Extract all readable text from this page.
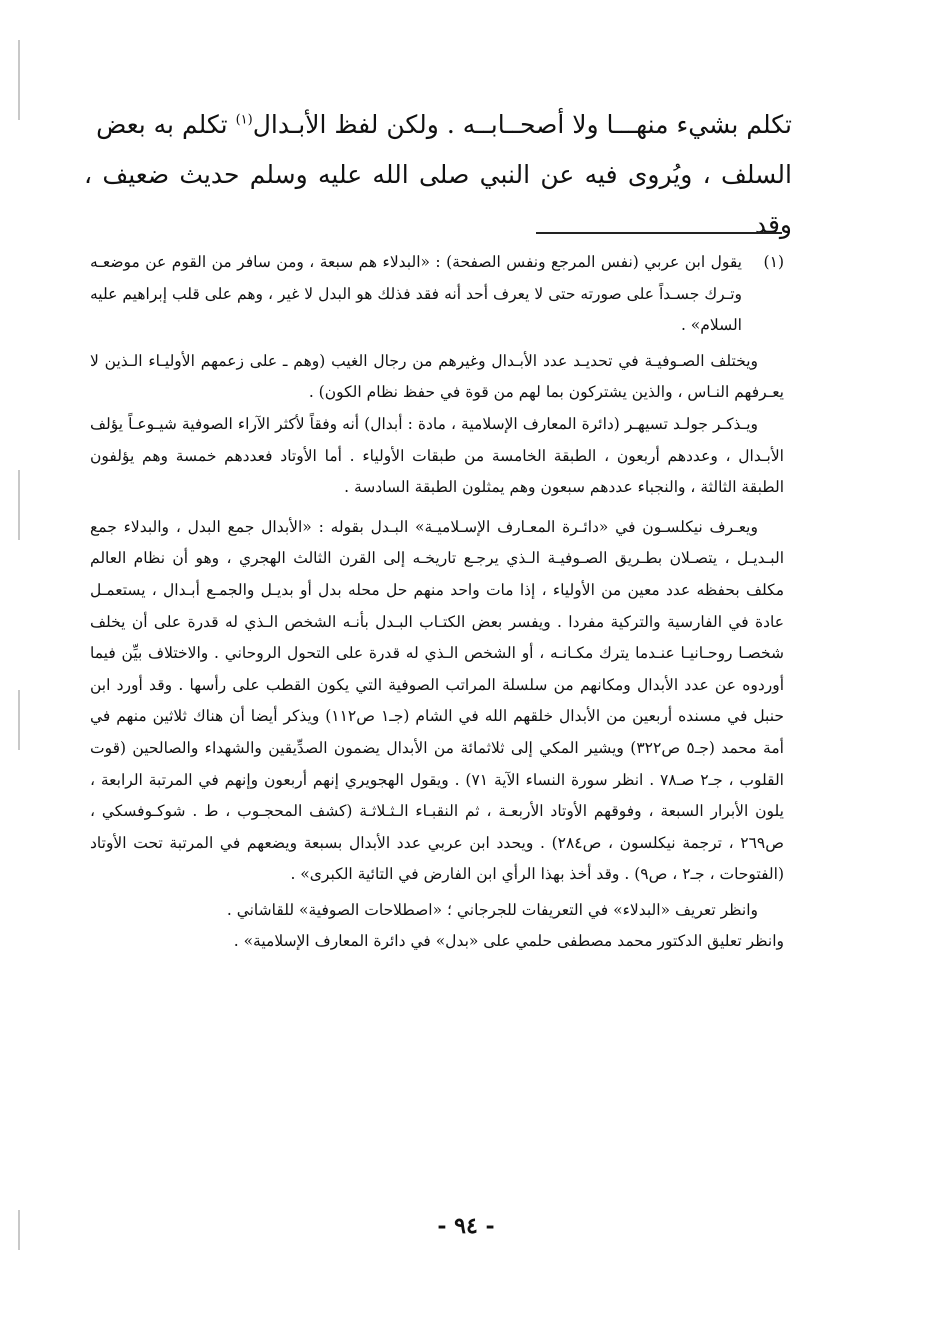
تكلم بشيء منهـــا ولا أصحــابــه . ولكن لفظ الأبـدال$^{(١)}$ تكلم به بعض

السلف ، ويُروى فيه عن النبي صلى الله عليه وسلم حديث ضعيف ، وقد

(١)

يقول ابن عربي (نفس المرجع ونفس الصفحة) : «البدلاء هم سبعة ، ومن سافر من القوم عن موضعـه وتـرك جسـداً على صورته حتى لا يعرف أحد أنه فقد فذلك هو البدل لا غير ، وهم على قلب إبراهيم عليه السلام» .

ويختلف الصـوفيـة في تحديـد عدد الأبـدال وغيرهم من رجال الغيب (وهم ـ على زعمهم الأوليـاء الـذين لا يعـرفهم النـاس ، والذين يشتركون بما لهم من قوة في حفظ نظام الكون) .

ويـذكـر جولـد تسيهـر (دائرة المعارف الإسلامية ، مادة : أبدال) أنه وفقاً لأكثر الآراء الصوفية شيـوعـاً يؤلف الأبـدال ، وعددهم أربعون ، الطبقة الخامسة من طبقات الأولياء . أما الأوتاد فعددهم خمسة وهم يؤلفون الطبقة الثالثة ، والنجباء عددهم سبعون وهم يمثلون الطبقة السادسة .

ويعـرف نيكلسـون في «دائـرة المعـارف الإسـلاميـة» البـدل بقوله : «الأبدال جمع البدل ، والبدلاء جمع البـديـل ، يتصـلان بطـريق الصـوفيـة الـذي يرجـع تاريخـه إلى القرن الثالث الهجري ، وهو أن نظام العالم مكلف بحفظه عدد معين من الأولياء ، إذا مات واحد منهم حل محله بدل أو بديـل والجمـع أبـدال ، يستعمـل عادة في الفارسية والتركية مفردا . ويفسر بعض الكتـاب البـدل بأنـه الشخص الـذي له قدرة على أن يخلف شخصـا روحـانيـا عنـدما يترك مكـانـه ، أو الشخص الـذي له قدرة على التحول الروحاني . والاختلاف بيِّن فيما أوردوه عن عدد الأبدال ومكانهم من سلسلة المراتب الصوفية التي يكون القطب على رأسها . وقد أورد ابن حنبل في مسنده أربعين من الأبدال خلقهم الله في الشام (جـ١ ص١١٢) ويذكر أيضا أن هناك ثلاثين منهم في أمة محمد (جـ٥ ص٣٢٢) ويشير المكي إلى ثلاثمائة من الأبدال يضمون الصدِّيقين والشهداء والصالحين (قوت القلوب ، جـ٢ صـ٧٨ . انظر سورة النساء الآية ٧١) . ويقول الهجويري إنهم أربعون وإنهم في المرتبة الرابعة ، يلون الأبرار السبعة ، وفوقهم الأوتاد الأربعـة ، ثم النقبـاء الـثـلاثـة (كشف المحجـوب ، ط . شوكـوفسكي ، ص٢٦٩ ، ترجمة نيكلسون ، ص٢٨٤) . ويحدد ابن عربي عدد الأبدال بسبعة ويضعهم في المرتبة تحت الأوتاد (الفتوحات ، جـ٢ ، ص٩) . وقد أخذ بهذا الرأي ابن الفارض في التائية الكبرى» .

وانظر تعريف «البدلاء» في التعريفات للجرجاني ؛ «اصطلاحات الصوفية» للقاشاني .

وانظر تعليق الدكتور محمد مصطفى حلمي على «بدل» في دائرة المعارف الإسلامية» .

- ٩٤ -
